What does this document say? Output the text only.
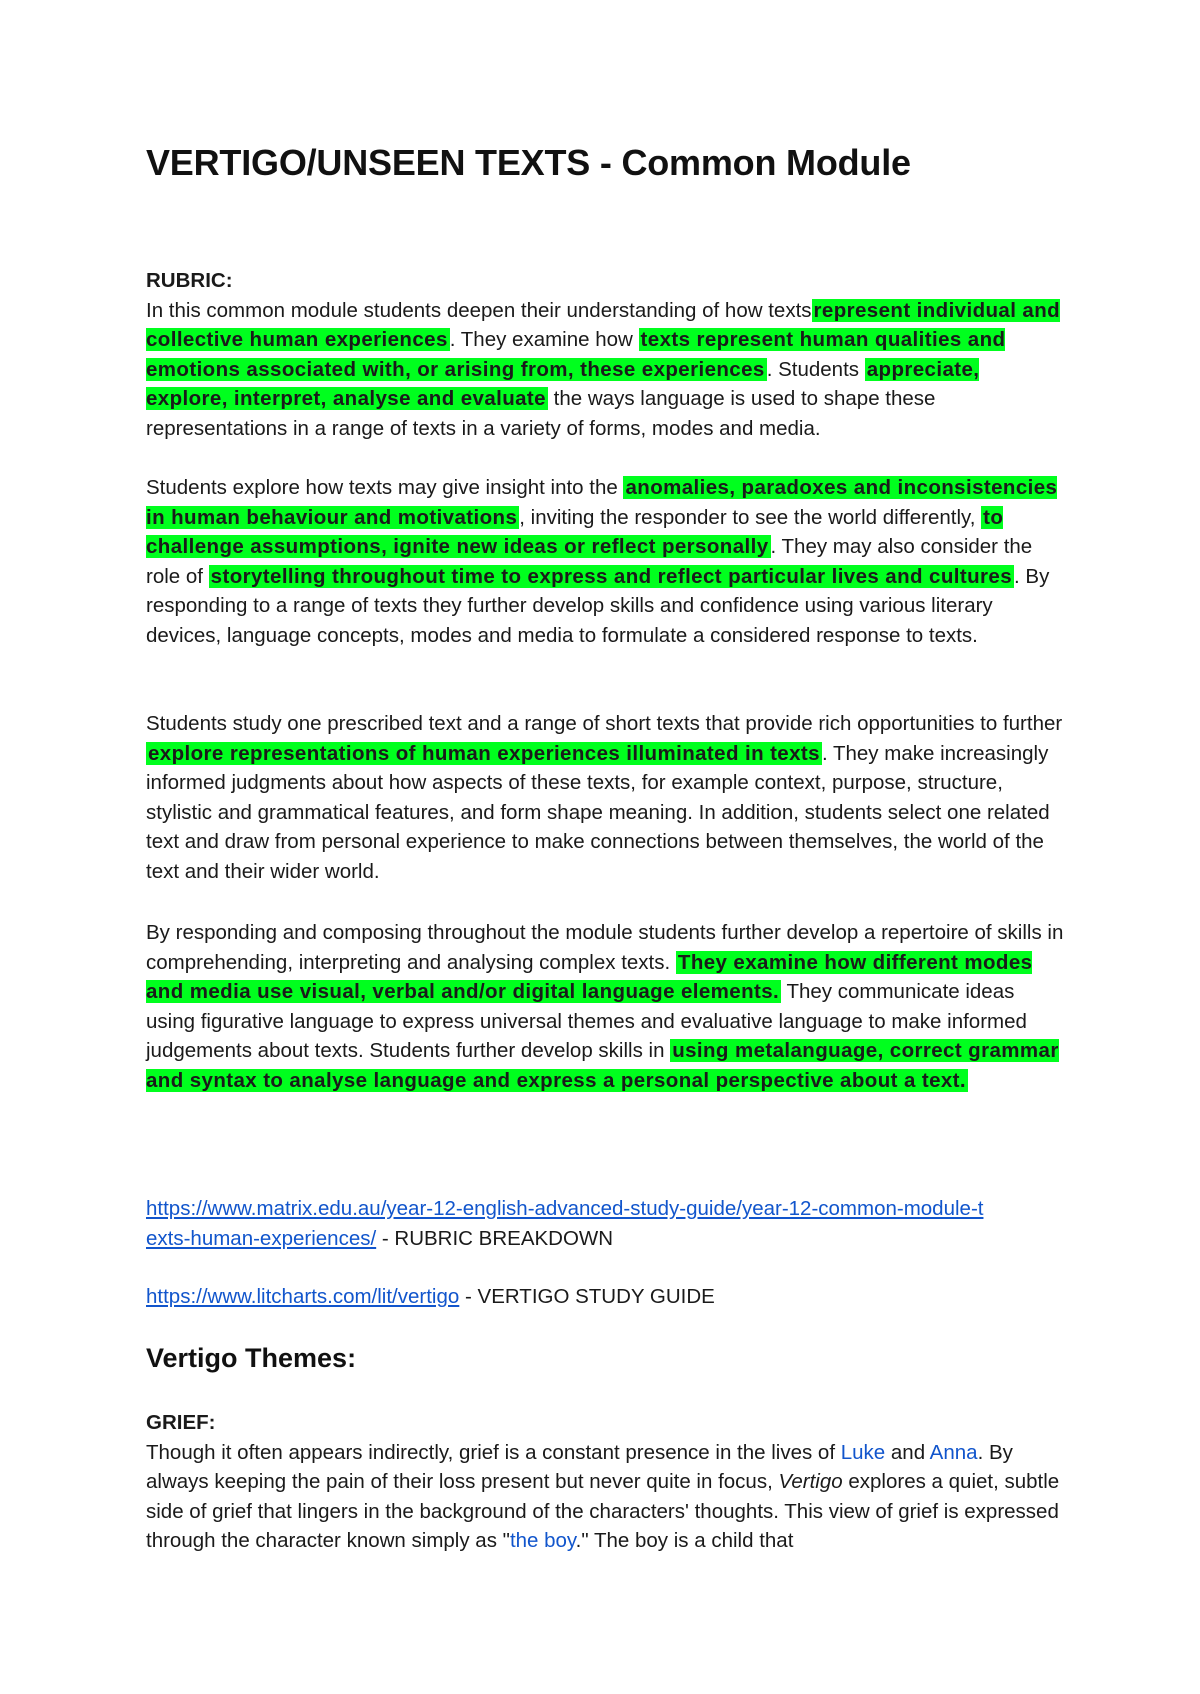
VERTIGO/UNSEEN TEXTS - Common Module
RUBRIC:
In this common module students deepen their understanding of how textsrepresent individual and collective human experiences. They examine how texts represent human qualities and emotions associated with, or arising from, these experiences. Students appreciate, explore, interpret, analyse and evaluate the ways language is used to shape these representations in a range of texts in a variety of forms, modes and media.
Students explore how texts may give insight into the anomalies, paradoxes and inconsistencies in human behaviour and motivations, inviting the responder to see the world differently, to challenge assumptions, ignite new ideas or reflect personally. They may also consider the role of storytelling throughout time to express and reflect particular lives and cultures. By responding to a range of texts they further develop skills and confidence using various literary devices, language concepts, modes and media to formulate a considered response to texts.
Students study one prescribed text and a range of short texts that provide rich opportunities to further explore representations of human experiences illuminated in texts. They make increasingly informed judgments about how aspects of these texts, for example context, purpose, structure, stylistic and grammatical features, and form shape meaning. In addition, students select one related text and draw from personal experience to make connections between themselves, the world of the text and their wider world.
By responding and composing throughout the module students further develop a repertoire of skills in comprehending, interpreting and analysing complex texts. They examine how different modes and media use visual, verbal and/or digital language elements. They communicate ideas using figurative language to express universal themes and evaluative language to make informed judgements about texts. Students further develop skills in using metalanguage, correct grammar and syntax to analyse language and express a personal perspective about a text.
https://www.matrix.edu.au/year-12-english-advanced-study-guide/year-12-common-module-t
exts-human-experiences/ - RUBRIC BREAKDOWN
https://www.litcharts.com/lit/vertigo - VERTIGO STUDY GUIDE
Vertigo Themes:
GRIEF:
Though it often appears indirectly, grief is a constant presence in the lives of Luke and Anna. By always keeping the pain of their loss present but never quite in focus, Vertigo explores a quiet, subtle side of grief that lingers in the background of the characters' thoughts. This view of grief is expressed through the character known simply as "the boy." The boy is a child that
